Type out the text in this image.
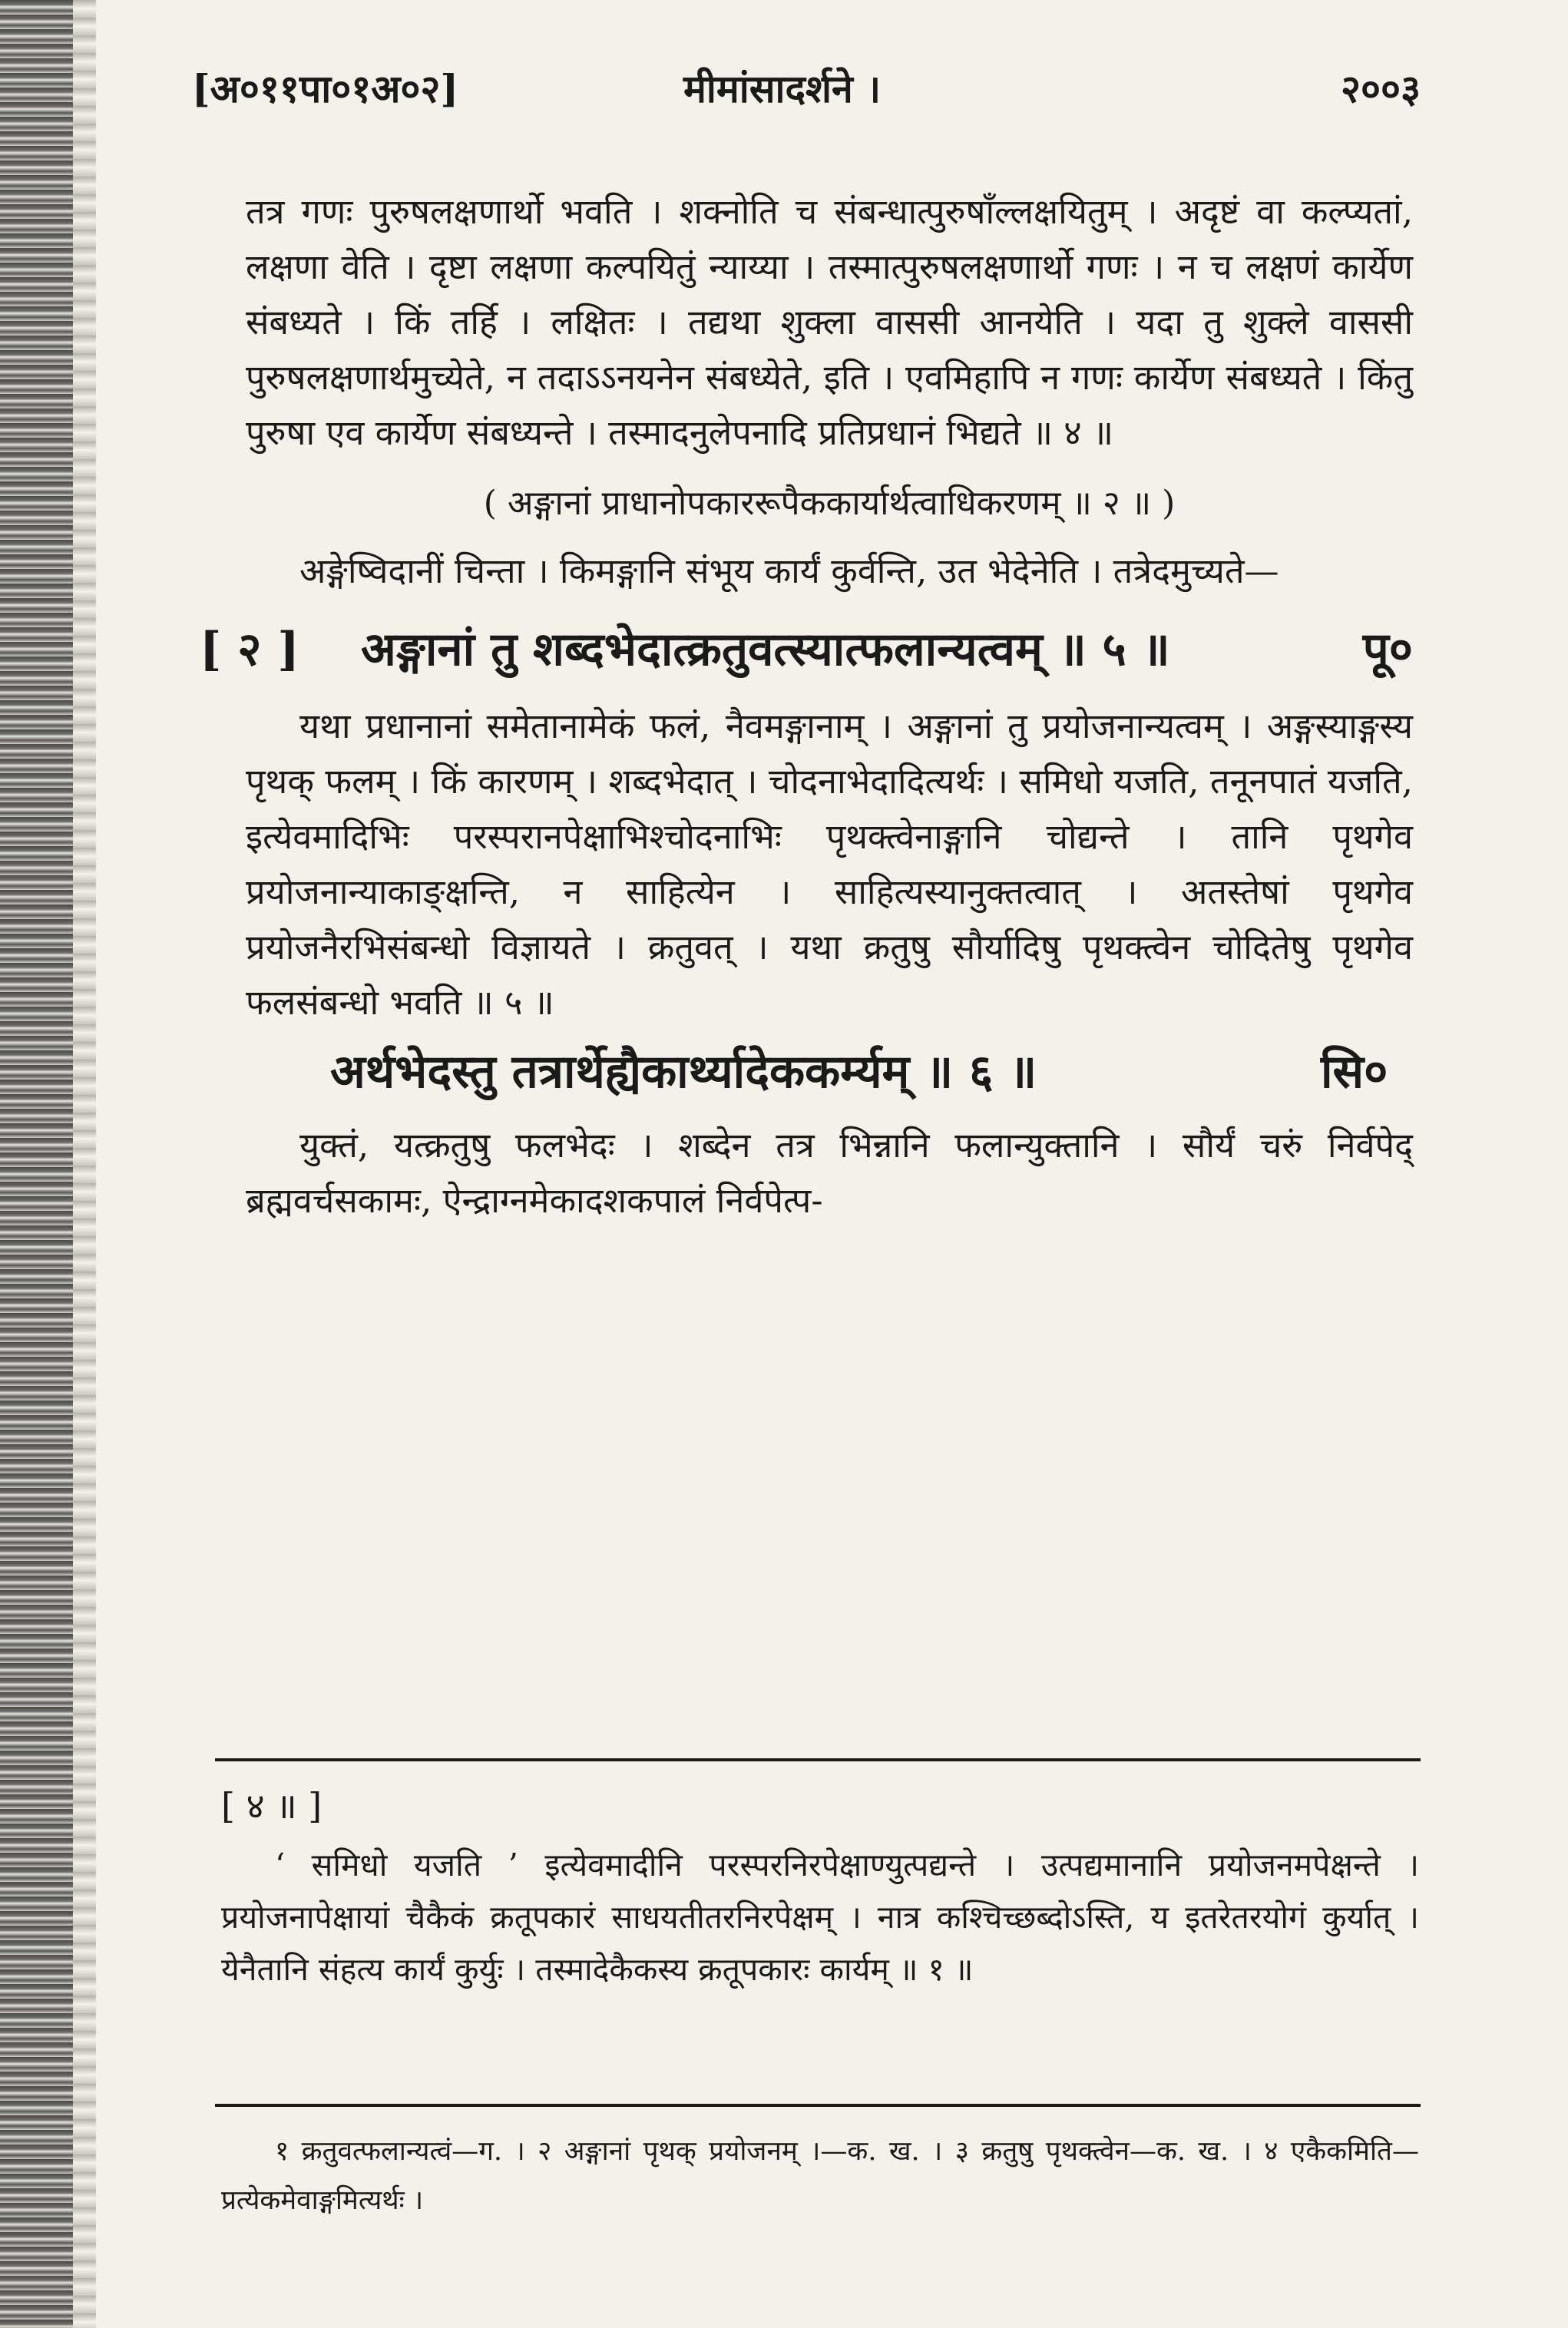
[अ०११पा०१अ०२]	मीमांसादर्शने ।	२००३

तत्र गणः पुरुषलक्षणार्थो भवति । शक्नोति च संबन्धात्पुरुषाँल्लक्षयितुम् । अदृष्टं वा कल्प्यतां, लक्षणा वेति । दृष्टा लक्षणा कल्पयितुं न्याय्या । तस्मात्पुरुषलक्षणार्थो गणः । न च लक्षणं कार्येण संबध्यते । किं तर्हि । लक्षितः । तद्यथा शुक्ला वाससी आनयेति । यदा तु शुक्ले वाससी पुरुषलक्षणार्थमुच्येते, न तदाऽऽनयनेन संबध्येते, इति । एवमिहापि न गणः कार्येण संबध्यते । किंतु पुरुषा एव कार्येण संबध्यन्ते । तस्मादनुलेपनादि प्रतिप्रधानं भिद्यते ॥ ४ ॥

( अङ्गानां प्राधानोपकाररूपैककार्यार्थत्वाधिकरणम् ॥ २ ॥ )

अङ्गेष्विदानीं चिन्ता । किमङ्गानि संभूय कार्यं कुर्वन्ति, उत भेदेनेति । तत्रेदमुच्यते—

[ २ ] अङ्गानां तु शब्दभेदात्क्रतुवत्स्यात्फलान्यत्वम् ॥ ५ ॥	पू०

यथा प्रधानानां समेतानामेकं फलं, नैवमङ्गानाम् । अङ्गानां तु प्रयोजनान्यत्वम् । अङ्गस्याङ्गस्य पृथक् फलम् । किं कारणम् । शब्दभेदात् । चोदनाभेदादित्यर्थः । समिधो यजति, तनूनपातं यजति, इत्येवमादिभिः परस्परानपेक्षाभिश्चोदनाभिः पृथक्त्वेनाङ्गानि चोद्यन्ते । तानि पृथगेव प्रयोजनान्याकाङ्क्षन्ति, न साहित्येन । साहित्यस्यानुक्तत्वात् । अतस्तेषां पृथगेव प्रयोजनैरभिसंबन्धो विज्ञायते । क्रतुवत् । यथा क्रतुषु सौर्यादिषु पृथक्त्वेन चोदितेषु पृथगेव फलसंबन्धो भवति ॥ ५ ॥

अर्थभेदस्तु तत्रार्थेह्यैकार्थ्यादेककर्म्यम् ॥ ६ ॥	सि०

युक्तं, यत्क्रतुषु फलभेदः । शब्देन तत्र भिन्नानि फलान्युक्तानि । सौर्यं चरुं निर्वपेद् ब्रह्मवर्चसकामः, ऐन्द्राग्नमेकादशकपालं निर्वपेत्प-

[ ४ ॥ ]

‘ समिधो यजति ’ इत्येवमादीनि परस्परनिरपेक्षाण्युत्पद्यन्ते । उत्पद्यमानानि प्रयोजनमपेक्षन्ते । प्रयोजनापेक्षायां चैकैकं क्रतूपकारं साधयतीतरनिरपेक्षम् । नात्र कश्चिच्छब्दोऽस्ति, य इतरेतरयोगं कुर्यात् । येनैतानि संहत्य कार्यं कुर्युः । तस्मादेकैकस्य क्रतूपकारः कार्यम् ॥ १ ॥

१ क्रतुवत्फलान्यत्वं—ग. । २ अङ्गानां पृथक् प्रयोजनम् ।—क. ख. । ३ क्रतुषु पृथक्त्वेन—क. ख. । ४ एकैकमिति—प्रत्येकमेवाङ्गमित्यर्थः ।
